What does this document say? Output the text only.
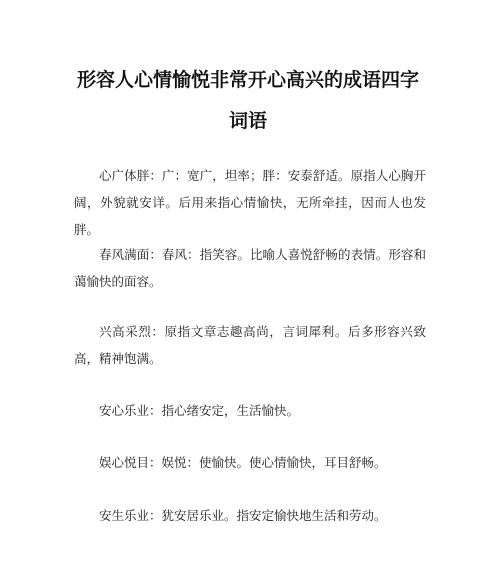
形容人心情愉悦非常开心高兴的成语四字
词语

心广体胖：广：宽广，坦率；胖：安泰舒适。原指人心胸开阔，外貌就安详。后用来指心情愉快，无所牵挂，因而人也发胖。

春风满面：春风：指笑容。比喻人喜悦舒畅的表情。形容和蔼愉快的面容。

兴高采烈：原指文章志趣高尚，言词犀利。后多形容兴致高，精神饱满。

安心乐业：指心绪安定，生活愉快。

娱心悦目：娱悦：使愉快。使心情愉快，耳目舒畅。

安生乐业：犹安居乐业。指安定愉快地生活和劳动。
